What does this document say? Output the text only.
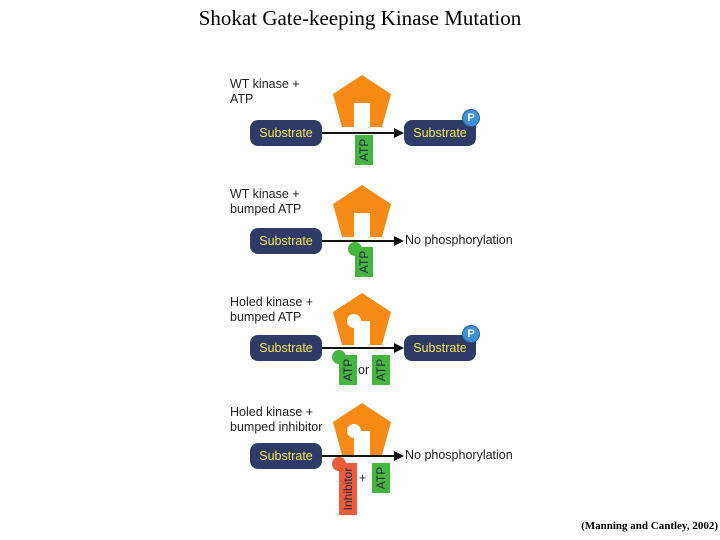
Shokat Gate-keeping Kinase Mutation
WT kinase +
ATP
Substrate
ATP
Substrate
P
WT kinase +
bumped ATP
Substrate
ATP
No phosphorylation
Holed kinase +
bumped ATP
Substrate
ATP or ATP
Substrate
P
Holed kinase +
bumped inhibitor
Substrate
Inhibitor + ATP
No phosphorylation
(Manning and Cantley, 2002)
